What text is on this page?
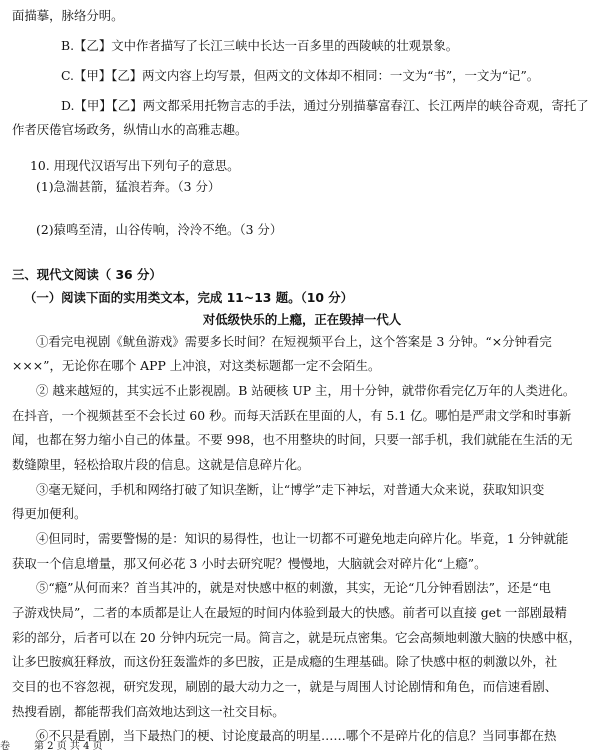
面描摹，脉络分明。
B.【乙】文中作者描写了长江三峡中长达一百多里的西陵峡的壮观景象。
C.【甲】【乙】两文内容上均写景，但两文的文体却不相同：一文为“书”，一文为“记”。
D.【甲】【乙】两文都采用托物言志的手法，通过分别描摹富春江、长江两岸的峡谷奇观，寄托了
作者厌倦官场政务，纵情山水的高雅志趣。
10. 用现代汉语写出下列句子的意思。
(1)急湍甚箭，猛浪若奔。（3 分）
(2)猿鸣至清，山谷传响，泠泠不绝。（3 分）
三、现代文阅读（ 36 分）
（一）阅读下面的实用类文本，完成 11~13 题。（10 分）
对低级快乐的上瘾，正在毁掉一代人
①看完电视剧《鱿鱼游戏》需要多长时间？在短视频平台上，这个答案是 3 分钟。“×分钟看完
×××”，无论你在哪个 APP 上冲浪，对这类标题都一定不会陌生。
② 越来越短的，其实远不止影视剧。B 站硬核 UP 主，用十分钟，就带你看完亿万年的人类进化。
在抖音，一个视频甚至不会长过 60 秒。而每天活跃在里面的人，有 5.1 亿。哪怕是严肃文学和时事新
闻，也都在努力缩小自己的体量。不要 998，也不用整块的时间，只要一部手机，我们就能在生活的无
数缝隙里，轻松拾取片段的信息。这就是信息碎片化。
③毫无疑问，手机和网络打破了知识垄断，让“博学”走下神坛，对普通大众来说，获取知识变
得更加便利。
④但同时，需要警惕的是：知识的易得性，也让一切都不可避免地走向碎片化。毕竟，1 分钟就能
获取一个信息增量，那又何必花 3 小时去研究呢？慢慢地，大脑就会对碎片化“上瘾”。
⑤“瘾”从何而来？首当其冲的，就是对快感中枢的刺激，其实，无论“几分钟看剧法”，还是“电
子游戏快局”，二者的本质都是让人在最短的时间内体验到最大的快感。前者可以直接 get 一部剧最精
彩的部分，后者可以在 20 分钟内玩完一局。简言之，就是玩点密集。它会高频地刺激大脑的快感中枢，
让多巴胺疯狂释放，而这份狂轰滥炸的多巴胺，正是成瘾的生理基础。除了快感中枢的刺激以外，社
交目的也不容忽视，研究发现，刷剧的最大动力之一，就是与周围人讨论剧情和角色，而信速看剧、
热搜看剧，都能帮我们高效地达到这一社交目标。
⑥不只是看剧，当下最热门的梗、讨论度最高的明星……哪个不是碎片化的信息？当同事都在热
卷 第 2 页 共 4 页
